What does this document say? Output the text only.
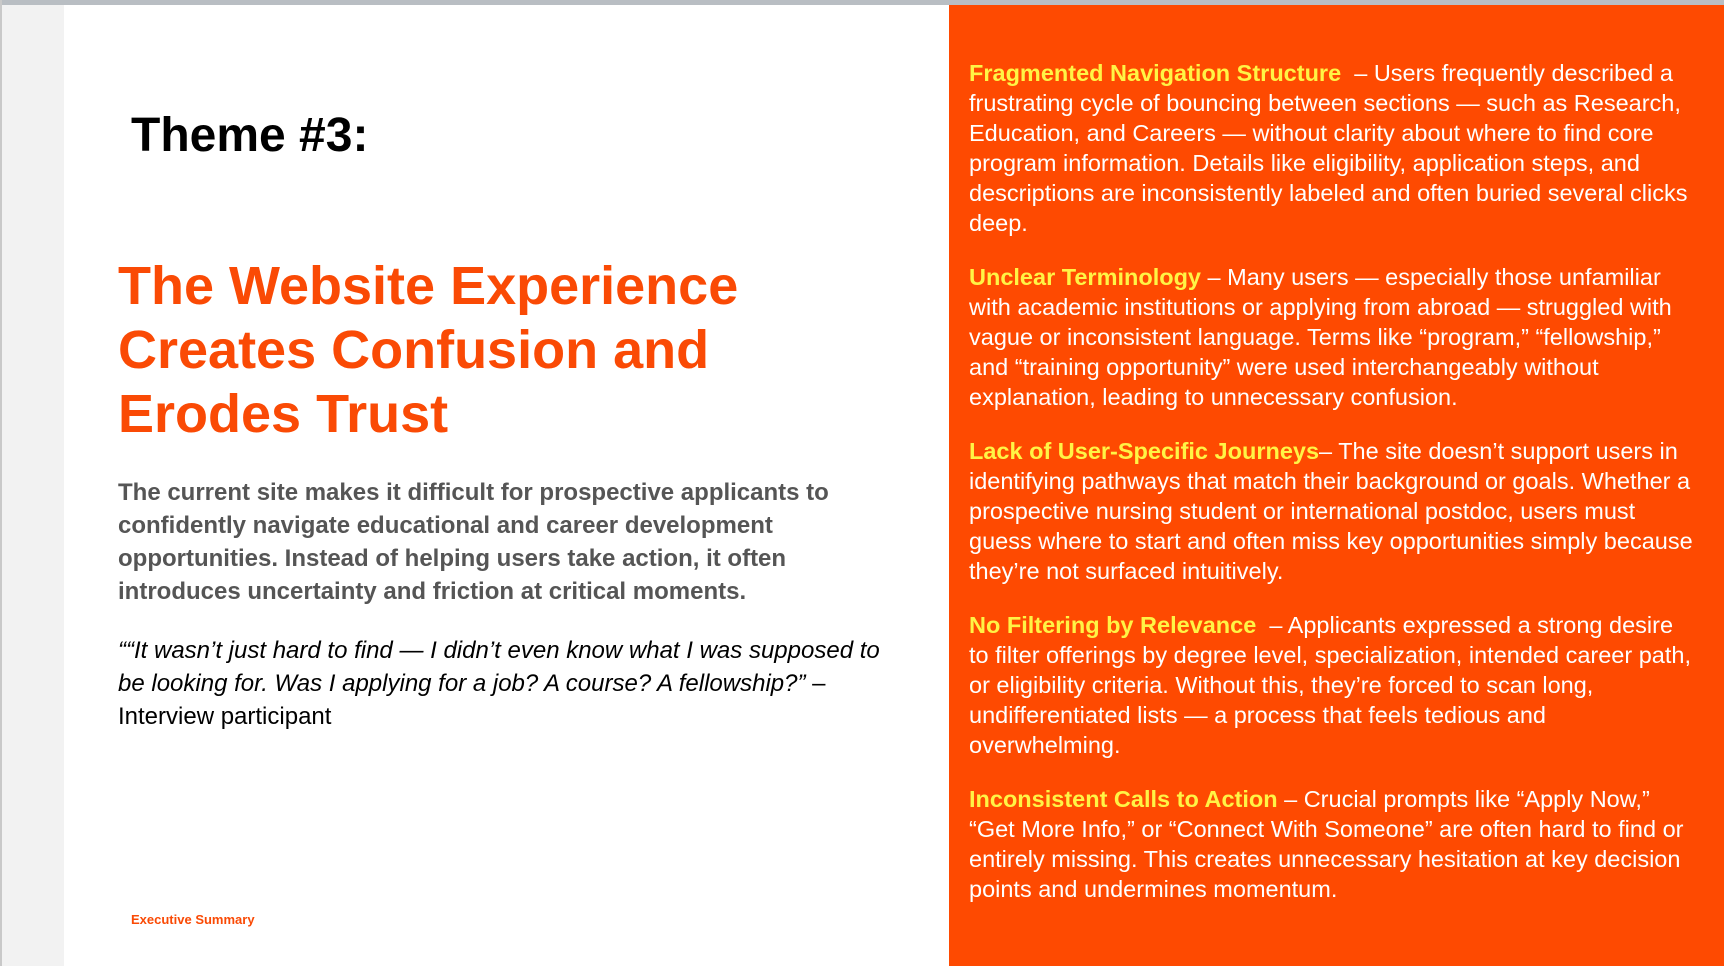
Theme #3:
The Website Experience Creates Confusion and Erodes Trust

The current site makes it difficult for prospective applicants to confidently navigate educational and career development opportunities. Instead of helping users take action, it often introduces uncertainty and friction at critical moments.

““It wasn’t just hard to find — I didn’t even know what I was supposed to be looking for. Was I applying for a job? A course? A fellowship?” – Interview participant

Executive Summary
Fragmented Navigation Structure  – Users frequently described a frustrating cycle of bouncing between sections — such as Research, Education, and Careers — without clarity about where to find core program information. Details like eligibility, application steps, and descriptions are inconsistently labeled and often buried several clicks deep.
Unclear Terminology – Many users — especially those unfamiliar with academic institutions or applying from abroad — struggled with vague or inconsistent language. Terms like “program,” “fellowship,” and “training opportunity” were used interchangeably without explanation, leading to unnecessary confusion.
Lack of User-Specific Journeys– The site doesn’t support users in identifying pathways that match their background or goals. Whether a prospective nursing student or international postdoc, users must guess where to start and often miss key opportunities simply because they’re not surfaced intuitively.
No Filtering by Relevance  – Applicants expressed a strong desire to filter offerings by degree level, specialization, intended career path, or eligibility criteria. Without this, they’re forced to scan long, undifferentiated lists — a process that feels tedious and overwhelming.
Inconsistent Calls to Action – Crucial prompts like “Apply Now,” “Get More Info,” or “Connect With Someone” are often hard to find or entirely missing. This creates unnecessary hesitation at key decision points and undermines momentum.
